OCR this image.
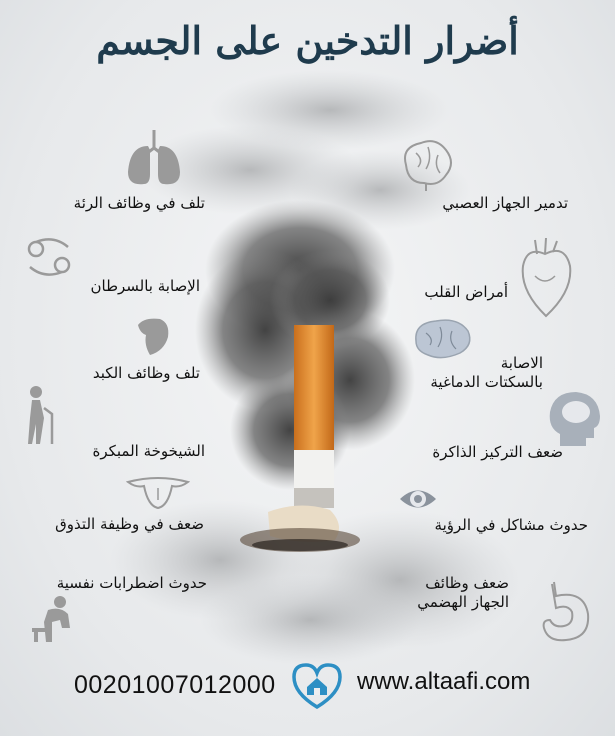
أضرار التدخين على الجسم
تدمير الجهاز العصبي
أمراض القلب
الاصابة
بالسكتات الدماغية
ضعف التركيز الذاكرة
حدوث مشاكل في الرؤية
ضعف وظائف
الجهاز الهضمي
تلف في وظائف الرئة
الإصابة بالسرطان
تلف وظائف الكبد
الشيخوخة المبكرة
ضعف في وظيفة التذوق
حدوث اضطرابات نفسية
00201007012000	www.altaafi.com
